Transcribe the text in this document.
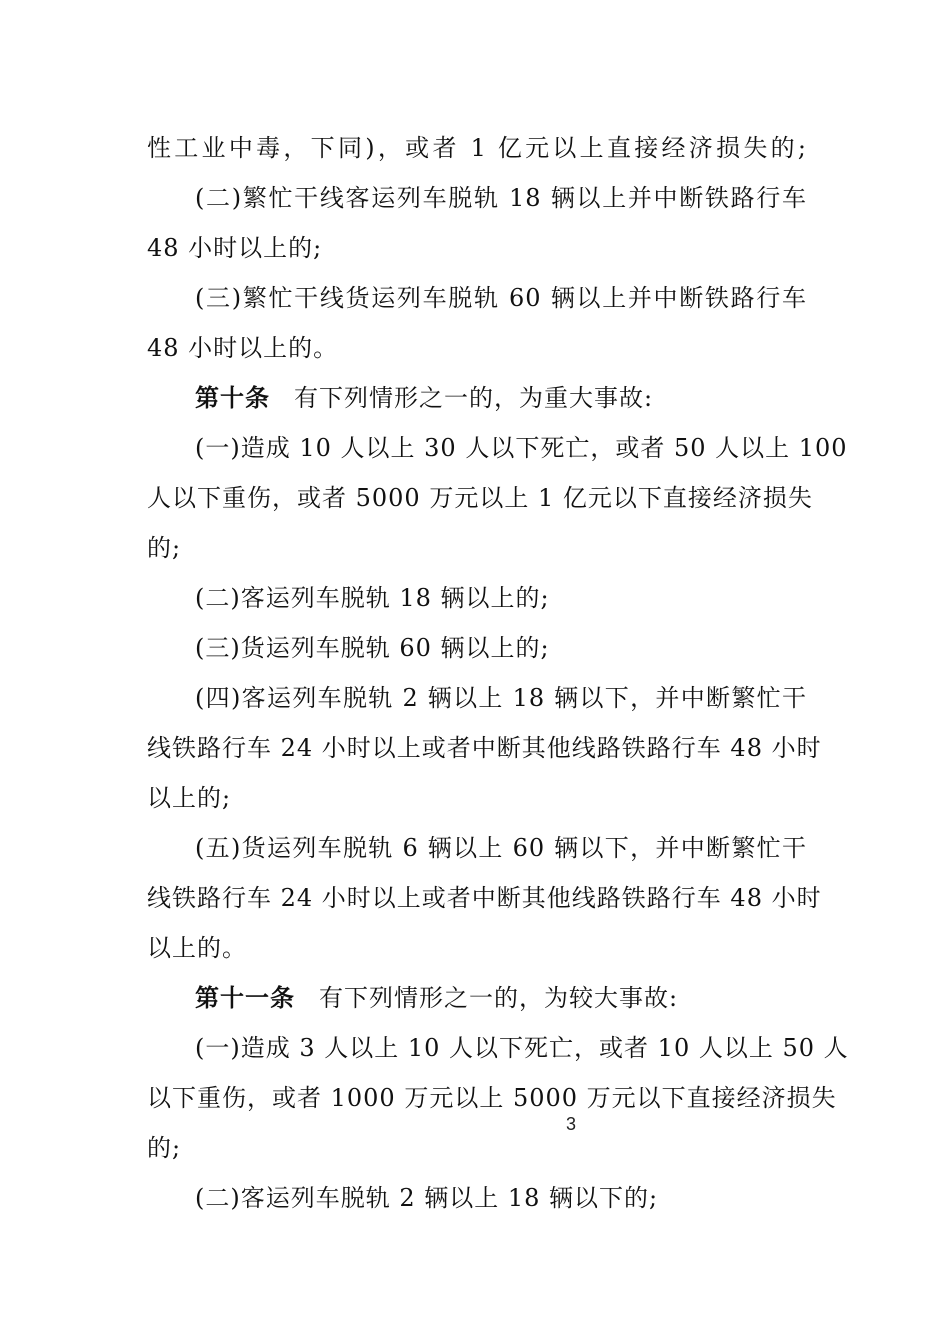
性工业中毒，下同)，或者 1 亿元以上直接经济损失的;
(二)繁忙干线客运列车脱轨 18 辆以上并中断铁路行车
48 小时以上的;
(三)繁忙干线货运列车脱轨 60 辆以上并中断铁路行车
48 小时以上的。
第十条 有下列情形之一的，为重大事故:
(一)造成 10 人以上 30 人以下死亡，或者 50 人以上 100
人以下重伤，或者 5000 万元以上 1 亿元以下直接经济损失
的;
(二)客运列车脱轨 18 辆以上的;
(三)货运列车脱轨 60 辆以上的;
(四)客运列车脱轨 2 辆以上 18 辆以下，并中断繁忙干
线铁路行车 24 小时以上或者中断其他线路铁路行车 48 小时
以上的;
(五)货运列车脱轨 6 辆以上 60 辆以下，并中断繁忙干
线铁路行车 24 小时以上或者中断其他线路铁路行车 48 小时
以上的。
第十一条 有下列情形之一的，为较大事故:
(一)造成 3 人以上 10 人以下死亡，或者 10 人以上 50 人
以下重伤，或者 1000 万元以上 5000 万元以下直接经济损失
3
的;
(二)客运列车脱轨 2 辆以上 18 辆以下的;
